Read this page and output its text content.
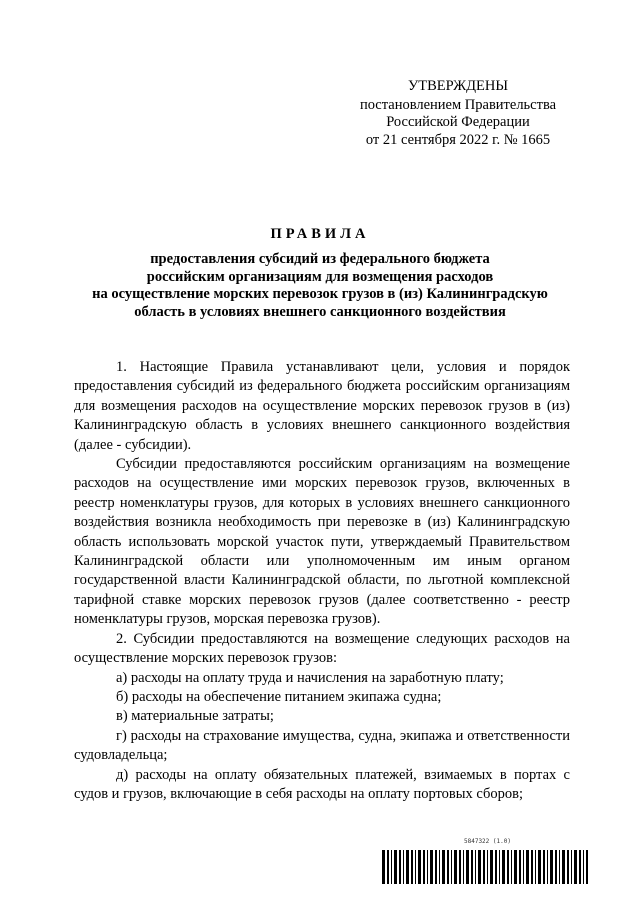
УТВЕРЖДЕНЫ
постановлением Правительства
Российской Федерации
от 21 сентября 2022 г. № 1665
ПРАВИЛА
предоставления субсидий из федерального бюджета
российским организациям для возмещения расходов
на осуществление морских перевозок грузов в (из) Калининградскую
область в условиях внешнего санкционного воздействия

1. Настоящие Правила устанавливают цели, условия и порядок предоставления субсидий из федерального бюджета российским организациям для возмещения расходов на осуществление морских перевозок грузов в (из) Калининградскую область в условиях внешнего санкционного воздействия (далее - субсидии).

Субсидии предоставляются российским организациям на возмещение расходов на осуществление ими морских перевозок грузов, включенных в реестр номенклатуры грузов, для которых в условиях внешнего санкционного воздействия возникла необходимость при перевозке в (из) Калининградскую область использовать морской участок пути, утверждаемый Правительством Калининградской области или уполномоченным им иным органом государственной власти Калининградской области, по льготной комплексной тарифной ставке морских перевозок грузов (далее соответственно - реестр номенклатуры грузов, морская перевозка грузов).

2. Субсидии предоставляются на возмещение следующих расходов на осуществление морских перевозок грузов:

а) расходы на оплату труда и начисления на заработную плату;

б) расходы на обеспечение питанием экипажа судна;

в) материальные затраты;

г) расходы на страхование имущества, судна, экипажа и ответственности судовладельца;

д) расходы на оплату обязательных платежей, взимаемых в портах с судов и грузов, включающие в себя расходы на оплату портовых сборов;

5847322 (1.0)
